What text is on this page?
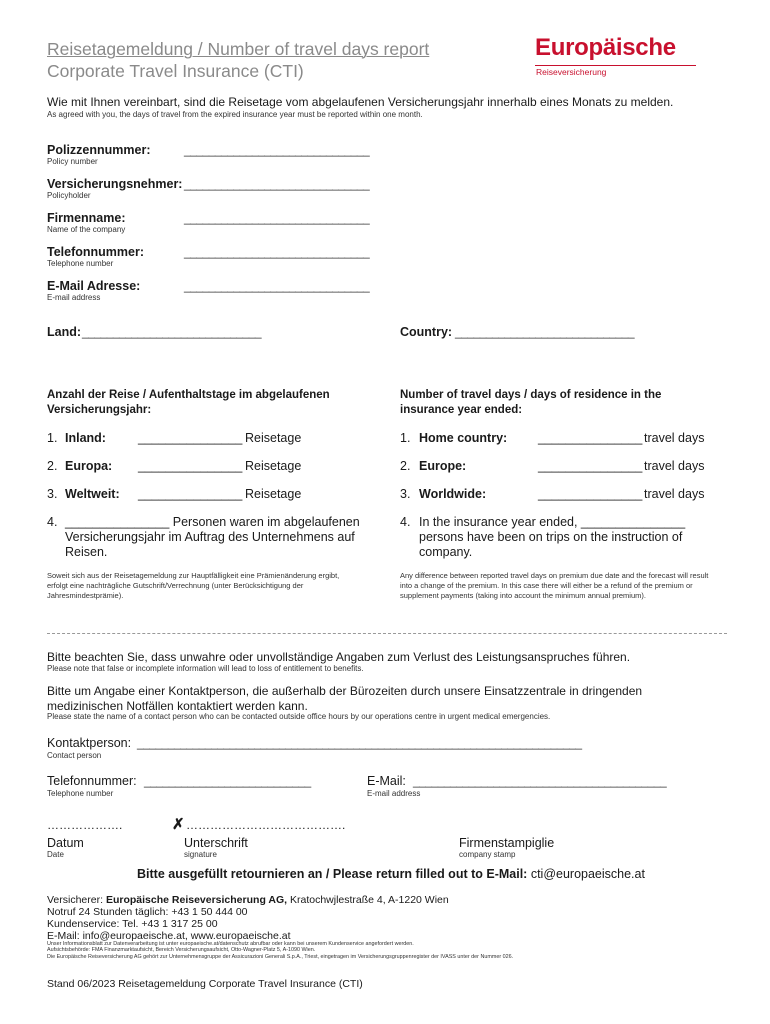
Reisetagemeldung / Number of travel days report
Corporate Travel Insurance (CTI)
Europäische
Reiseversicherung
Wie mit Ihnen vereinbart, sind die Reisetage vom abgelaufenen Versicherungsjahr innerhalb eines Monats zu melden.
As agreed with you, the days of travel from the expired insurance year must be reported within one month.
Polizzennummer:
Policy number
______________________________
Versicherungsnehmer:
Policyholder
______________________________
Firmenname:
Name of the company
______________________________
Telefonnummer:
Telephone number
______________________________
E-Mail Adresse:
E-mail address
______________________________
Land: _____________________________	Country: _____________________________
Anzahl der Reise / Aufenthaltstage im abgelaufenen Versicherungsjahr:
1. Inland:	_______________ Reisetage
2. Europa: _______________ Reisetage
3. Weltweit: _______________ Reisetage
4. _______________ Personen waren im abgelaufenen Versicherungsjahr im Auftrag des Unternehmens auf Reisen.
Soweit sich aus der Reisetagemeldung zur Hauptfälligkeit eine Prämienänderung ergibt, erfolgt eine nachträgliche Gutschrift/Verrechnung (unter Berücksichtigung der Jahresmindestprämie).
Number of travel days / days of residence in the insurance year ended:
1. Home country: _______________ travel days
2. Europe:	_______________ travel days
3. Worldwide:	_______________ travel days
4. In the insurance year ended, _______________ persons have been on trips on the instruction of company.
Any difference between reported travel days on premium due date and the forecast will result into a change of the premium. In this case there will either be a refund of the premium or supplement payments (taking into account the minimum annual premium).
Bitte beachten Sie, dass unwahre oder unvollständige Angaben zum Verlust des Leistungsanspruches führen.
Please note that false or incomplete information will lead to loss of entitlement to benefits.
Bitte um Angabe einer Kontaktperson, die außerhalb der Bürozeiten durch unsere Einsatzzentrale in dringenden medizinischen Notfällen kontaktiert werden kann.
Please state the name of a contact person who can be contacted outside office hours by our operations centre in urgent medical emergencies.
Kontaktperson: ________________________________________________________________________
Contact person
Telefonnummer: ___________________________
Telephone number
E-Mail: _________________________________________
E-mail address
……………….	✗ ………………………………….
Datum
Date
Unterschrift
signature
Firmenstampiglie
company stamp
Bitte ausgefüllt retournieren an / Please return filled out to E-Mail: cti@europaeische.at
Versicherer: Europäische Reiseversicherung AG, Kratochwjlestraße 4, A-1220 Wien
Notruf 24 Stunden täglich: +43 1 50 444 00
Kundenservice: Tel. +43 1 317 25 00
E-Mail: info@europaeische.at, www.europaeische.at
Unser Informationsblatt zur Datenverarbeitung ist unter europaeische.at/datenschutz abrufbar oder kann bei unserem Kundenservice angefordert werden.
Aufsichtsbehörde: FMA Finanzmarktaufsicht, Bereich Versicherungsaufsicht, Otto-Wagner-Platz 5, A-1090 Wien.
Die Europäische Reiseversicherung AG gehört zur Unternehmensgruppe der Assicurazioni Generali S.p.A., Triest, eingetragen im Versicherungsgruppenregister der IVASS unter der Nummer 026.
Stand 06/2023 Reisetagemeldung Corporate Travel Insurance (CTI)
